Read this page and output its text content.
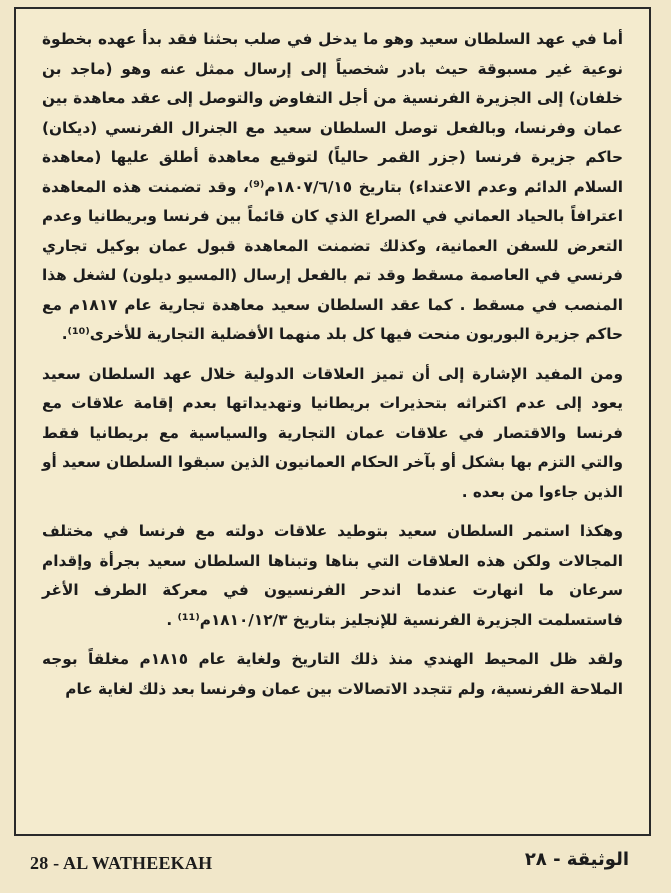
أما في عهد السلطان سعيد وهو ما يدخل في صلب بحثنا فقد بدأ عهده بخطوة نوعية غير مسبوقة حيث بادر شخصياً إلى إرسال ممثل عنه وهو (ماجد بن خلفان) إلى الجزيرة الفرنسية من أجل التفاوض والتوصل إلى عقد معاهدة بين عمان وفرنسا، وبالفعل توصل السلطان سعيد مع الجنرال الفرنسي (ديكان) حاكم جزيرة فرنسا (جزر القمر حالياً) لتوقيع معاهدة أطلق عليها (معاهدة السلام الدائم وعدم الاعتداء) بتاريخ ١٨٠٧/٦/١٥م⁽⁹⁾، وقد تضمنت هذه المعاهدة اعترافاً بالحياد العماني في الصراع الذي كان قائماً بين فرنسا وبريطانيا وعدم التعرض للسفن العمانية، وكذلك تضمنت المعاهدة قبول عمان بوكيل تجاري فرنسي في العاصمة مسقط وقد تم بالفعل إرسال (المسيو ديلون) لشغل هذا المنصب في مسقط . كما عقد السلطان سعيد معاهدة تجارية عام ١٨١٧م مع حاكم جزيرة البوربون منحت فيها كل بلد منهما الأفضلية التجارية للأخرى⁽¹⁰⁾.

ومن المفيد الإشارة إلى أن تميز العلاقات الدولية خلال عهد السلطان سعيد يعود إلى عدم اكتراثه بتحذيرات بريطانيا وتهديداتها بعدم إقامة علاقات مع فرنسا والاقتصار في علاقات عمان التجارية والسياسية مع بريطانيا فقط والتي التزم بها بشكل أو بآخر الحكام العمانيون الذين سبقوا السلطان سعيد أو الذين جاءوا من بعده .

وهكذا استمر السلطان سعيد بتوطيد علاقات دولته مع فرنسا في مختلف المجالات ولكن هذه العلاقات التي بناها وتبناها السلطان سعيد بجرأة وإقدام سرعان ما انهارت عندما اندحر الفرنسيون في معركة الطرف الأغر فاستسلمت الجزيرة الفرنسية للإنجليز بتاريخ ١٨١٠/١٢/٣م⁽¹¹⁾ .

ولقد ظل المحيط الهندي منذ ذلك التاريخ ولغاية عام ١٨١٥م مغلقاً بوجه الملاحة الفرنسية، ولم تتجدد الاتصالات بين عمان وفرنسا بعد ذلك لغاية عام

28 - AL WATHEEKAH	الوثيقة - ٢٨
